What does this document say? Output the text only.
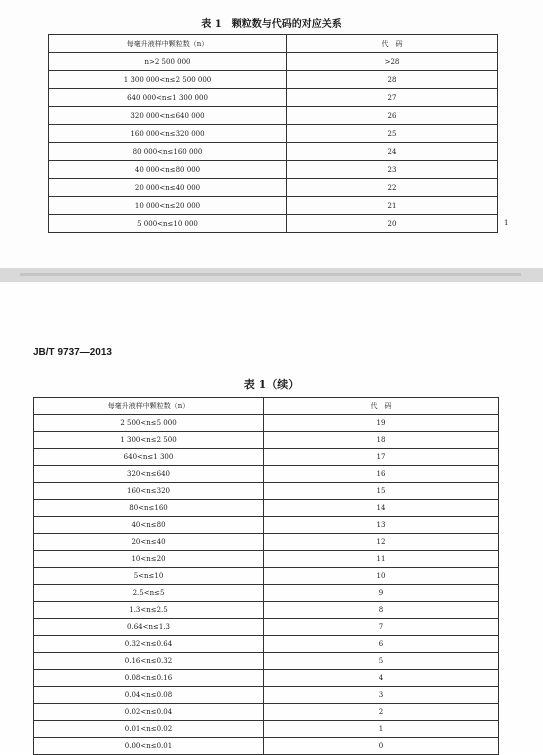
表 1　颗粒数与代码的对应关系
每毫升液样中颗粒数（n）	代　码
n>2 500 000	>28
1 300 000<n≤2 500 000	28
640 000<n≤1 300 000	27
320 000<n≤640 000	26
160 000<n≤320 000	25
80 000<n≤160 000	24
40 000<n≤80 000	23
20 000<n≤40 000	22
10 000<n≤20 000	21
5 000<n≤10 000	20	1
JB/T 9737—2013
表 1（续）
每毫升液样中颗粒数（n）	代　码
2 500<n≤5 000	19
1 300<n≤2 500	18
640<n≤1 300	17
320<n≤640	16
160<n≤320	15
80<n≤160	14
40<n≤80	13
20<n≤40	12
10<n≤20	11
5<n≤10	10
2.5<n≤5	9
1.3<n≤2.5	8
0.64<n≤1.3	7
0.32<n≤0.64	6
0.16<n≤0.32	5
0.08<n≤0.16	4
0.04<n≤0.08	3
0.02<n≤0.04	2
0.01<n≤0.02	1
0.00<n≤0.01	0
